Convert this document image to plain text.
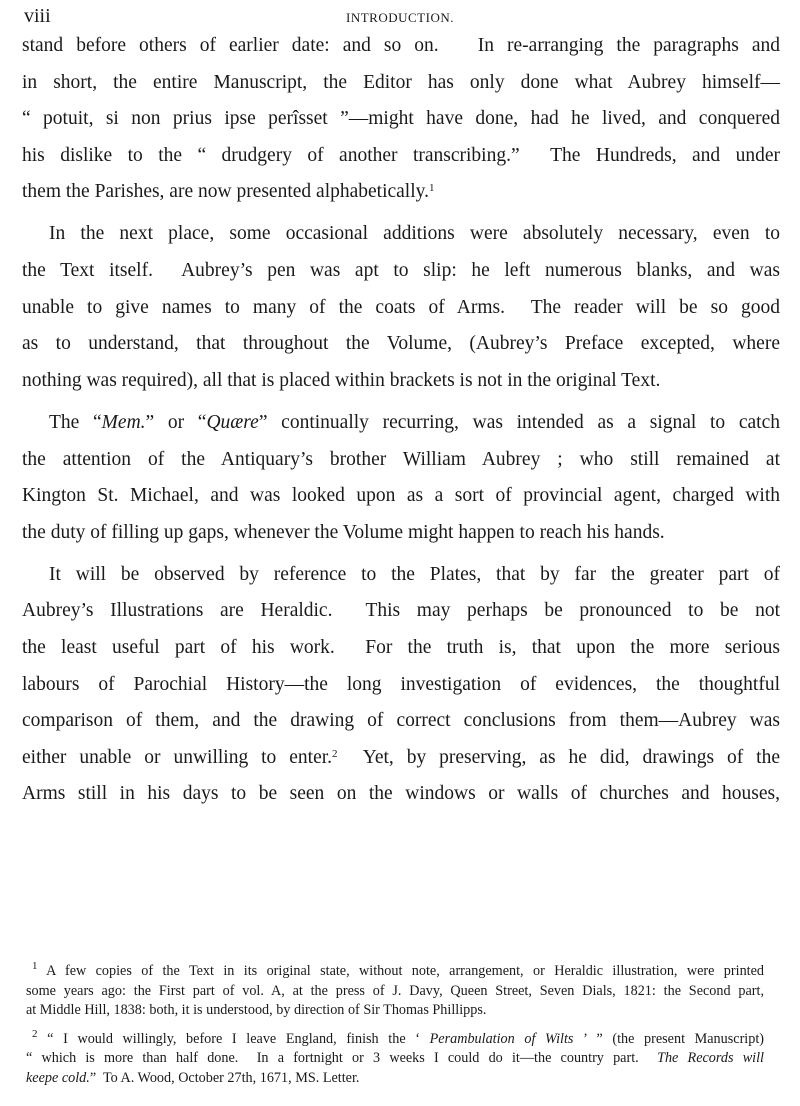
viii	INTRODUCTION.
stand before others of earlier date: and so on.   In re-arranging the paragraphs and
in short, the entire Manuscript, the Editor has only done what Aubrey himself—
“ potuit, si non prius ipse perîsset ”—might have done, had he lived, and conquered
his dislike to the “ drudgery of another transcribing.”  The Hundreds, and under
them the Parishes, are now presented alphabetically.$^1$
In the next place, some occasional additions were absolutely necessary, even to
the Text itself.  Aubrey’s pen was apt to slip: he left numerous blanks, and was
unable to give names to many of the coats of Arms.  The reader will be so good
as to understand, that throughout the Volume, (Aubrey’s Preface excepted, where
nothing was required), all that is placed within brackets is not in the original Text.
The “Mem.” or “Quære” continually recurring, was intended as a signal to catch
the attention of the Antiquary’s brother William Aubrey ; who still remained at
Kington St. Michael, and was looked upon as a sort of provincial agent, charged with
the duty of filling up gaps, whenever the Volume might happen to reach his hands.
It will be observed by reference to the Plates, that by far the greater part of
Aubrey’s Illustrations are Heraldic.  This may perhaps be pronounced to be not
the least useful part of his work.  For the truth is, that upon the more serious
labours of Parochial History—the long investigation of evidences, the thoughtful
comparison of them, and the drawing of correct conclusions from them—Aubrey was
either unable or unwilling to enter.$^2$  Yet, by preserving, as he did, drawings of the
Arms still in his days to be seen on the windows or walls of churches and houses,
$^1$ A few copies of the Text in its original state, without note, arrangement, or Heraldic illustration, were printed
some years ago: the First part of vol. A, at the press of J. Davy, Queen Street, Seven Dials, 1821: the Second part,
at Middle Hill, 1838: both, it is understood, by direction of Sir Thomas Phillipps.
$^2$ “ I would willingly, before I leave England, finish the ‘ Perambulation of Wilts ’ ” (the present Manuscript)
“ which is more than half done.  In a fortnight or 3 weeks I could do it—the country part.  The Records will
keepe cold.”  To A. Wood, October 27th, 1671, MS. Letter.
